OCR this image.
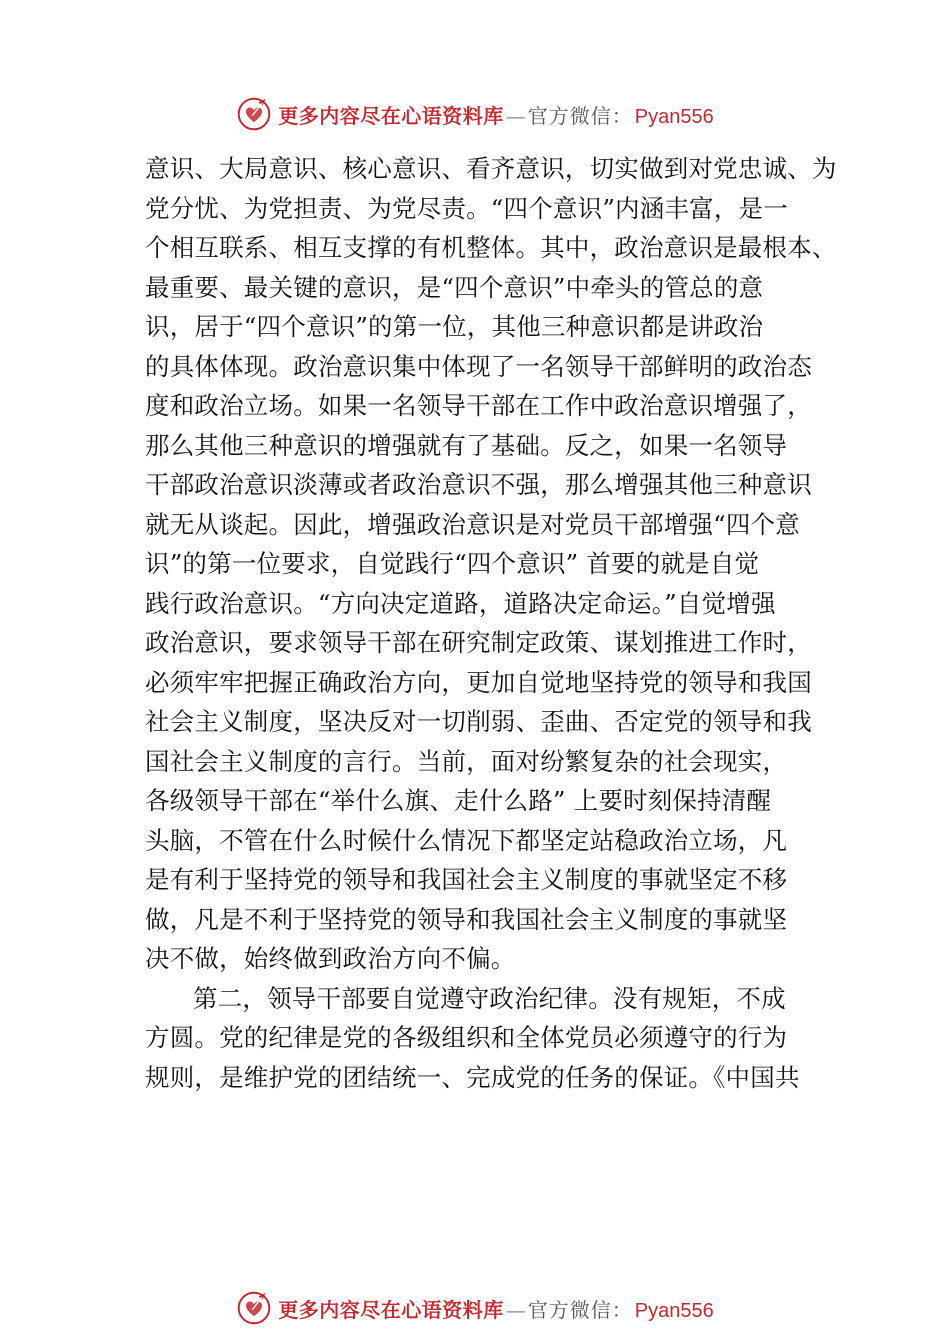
更多内容尽在心语资料库 — 官方微信： Pyan556
意识、大局意识、核心意识、看齐意识，切实做到对党忠诚、为
党分忧、为党担责、为党尽责。“四个意识”内涵丰富，是一
个相互联系、相互支撑的有机整体。其中，政治意识是最根本、
最重要、最关键的意识，是“四个意识”中牵头的管总的意
识，居于“四个意识”的第一位，其他三种意识都是讲政治
的具体体现。政治意识集中体现了一名领导干部鲜明的政治态
度和政治立场。如果一名领导干部在工作中政治意识增强了，
那么其他三种意识的增强就有了基础。反之，如果一名领导
干部政治意识淡薄或者政治意识不强，那么增强其他三种意识
就无从谈起。因此，增强政治意识是对党员干部增强“四个意
识”的第一位要求，自觉践行“四个意识” 首要的就是自觉
践行政治意识。“方向决定道路，道路决定命运。”自觉增强
政治意识，要求领导干部在研究制定政策、谋划推进工作时，
必须牢牢把握正确政治方向，更加自觉地坚持党的领导和我国
社会主义制度，坚决反对一切削弱、歪曲、否定党的领导和我
国社会主义制度的言行。当前，面对纷繁复杂的社会现实，
各级领导干部在“举什么旗、走什么路” 上要时刻保持清醒
头脑，不管在什么时候什么情况下都坚定站稳政治立场，凡
是有利于坚持党的领导和我国社会主义制度的事就坚定不移
做，凡是不利于坚持党的领导和我国社会主义制度的事就坚
决不做，始终做到政治方向不偏。
第二，领导干部要自觉遵守政治纪律。没有规矩，不成
方圆。党的纪律是党的各级组织和全体党员必须遵守的行为
规则，是维护党的团结统一、完成党的任务的保证。《中国共
更多内容尽在心语资料库 — 官方微信： Pyan556
